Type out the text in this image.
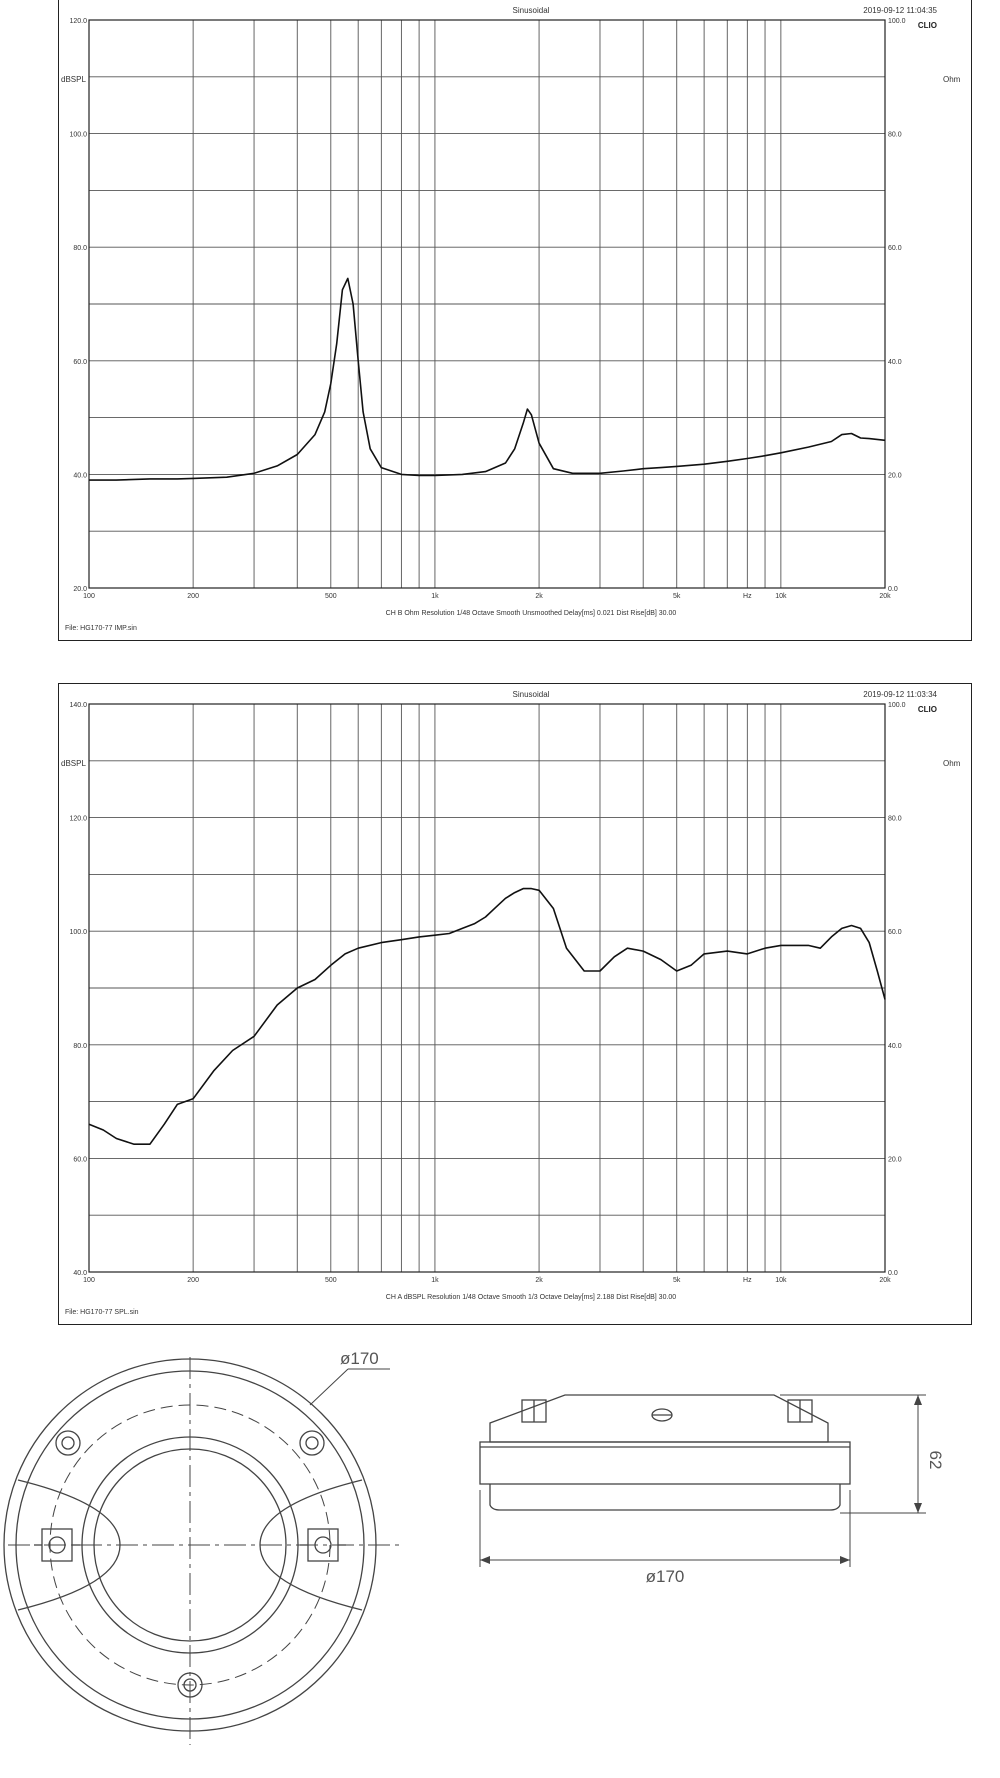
Sinusoidal	2019-09-12 11:04:35
CLIO
dBSPL	Ohm
CH B Ohm Resolution 1/48 Octave Smooth Unsmoothed Delay[ms] 0.021 Dist Rise[dB] 30.00
File: HG170-77 IMP.sin
100	200	500	1k	2k	5k	Hz	10k	20k
120.0
100.0
80.0
60.0
40.0
20.0
100.0
80.0
60.0
40.0
20.0
0.0
Sinusoidal	2019-09-12 11:03:34
CLIO
dBSPL	Ohm
CH A dBSPL Resolution 1/48 Octave Smooth 1/3 Octave Delay[ms] 2.188 Dist Rise[dB] 30.00
File: HG170-77 SPL.sin
100	200	500	1k	2k	5k	Hz	10k	20k
140.0
120.0
100.0
80.0
60.0
40.0
100.0
80.0
60.0
40.0
20.0
0.0
ø170
62
ø170
